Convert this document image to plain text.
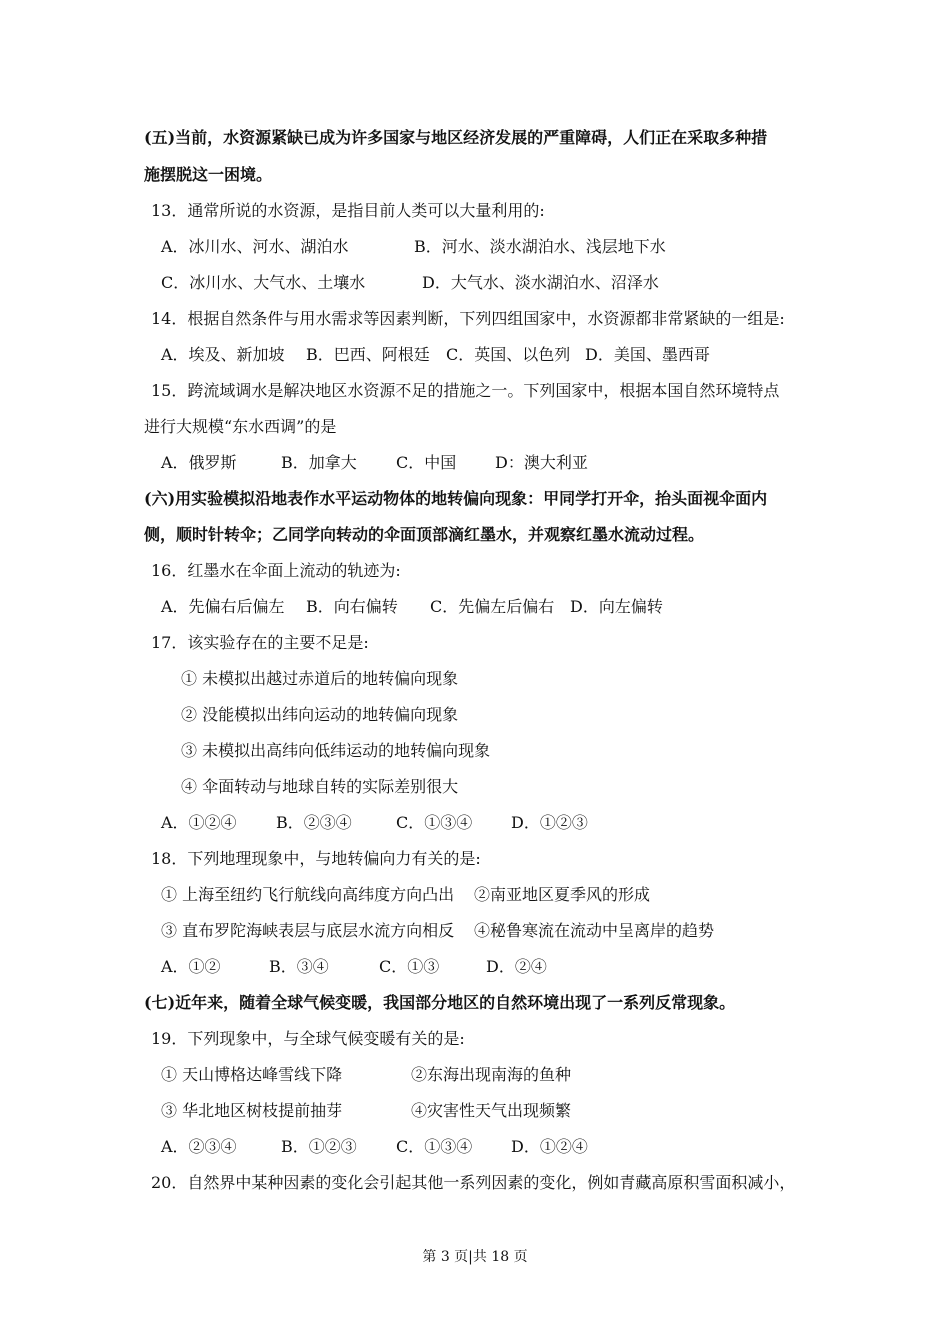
(五)当前，水资源紧缺已成为许多国家与地区经济发展的严重障碍，人们正在采取多种措
施摆脱这一困境。
13．通常所说的水资源，是指目前人类可以大量利用的:
A．冰川水、河水、湖泊水	B．河水、淡水湖泊水、浅层地下水
C．冰川水、大气水、土壤水	D．大气水、淡水湖泊水、沼泽水
14．根据自然条件与用水需求等因素判断，下列四组国家中，水资源都非常紧缺的一组是:
A．埃及、新加坡 B．巴西、阿根廷 C．英国、以色列 D．美国、墨西哥
15．跨流域调水是解决地区水资源不足的措施之一。下列国家中，根据本国自然环境特点
进行大规模“东水西调”的是
A．俄罗斯	B．加拿大 C．中国 D：澳大利亚
(六)用实验模拟沿地表作水平运动物体的地转偏向现象：甲同学打开伞，抬头面视伞面内
侧，顺时针转伞；乙同学向转动的伞面顶部滴红墨水，并观察红墨水流动过程。
16．红墨水在伞面上流动的轨迹为:
A．先偏右后偏左 B．向右偏转 C．先偏左后偏右 D．向左偏转
17．该实验存在的主要不足是:
① 未模拟出越过赤道后的地转偏向现象
② 没能模拟出纬向运动的地转偏向现象
③ 未模拟出高纬向低纬运动的地转偏向现象
④ 伞面转动与地球自转的实际差别很大
A．①②④ B．②③④	C．①③④ D．①②③
18．下列地理现象中，与地转偏向力有关的是:
① 上海至纽约飞行航线向高纬度方向凸出 ②南亚地区夏季风的形成
③ 直布罗陀海峡表层与底层水流方向相反 ④秘鲁寒流在流动中呈离岸的趋势
A．①②	B．③④	C．①③	D．②④
(七)近年来，随着全球气候变暖，我国部分地区的自然环境出现了一系列反常现象。
19．下列现象中，与全球气候变暖有关的是:
① 天山博格达峰雪线下降	②东海出现南海的鱼种
③ 华北地区树枝提前抽芽	④灾害性天气出现频繁
A．②③④	B．①②③ C．①③④ D．①②④
20．自然界中某种因素的变化会引起其他一系列因素的变化，例如青藏高原积雪面积减小，
第 3 页|共 18 页
